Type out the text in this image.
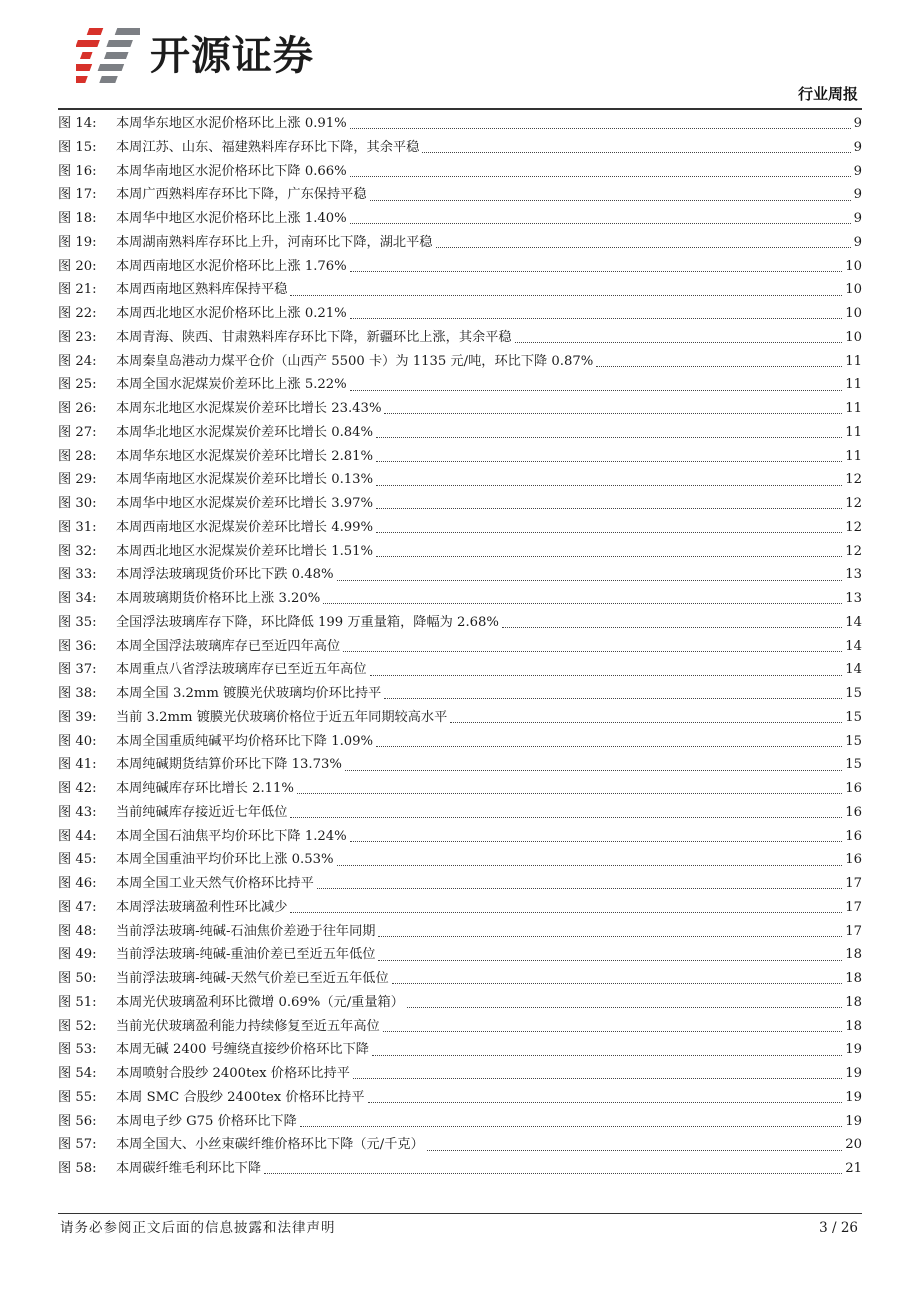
开源证券
行业周报
图 14:	本周华东地区水泥价格环比上涨 0.91%	9
图 15:	本周江苏、山东、福建熟料库存环比下降，其余平稳	9
图 16:	本周华南地区水泥价格环比下降 0.66%	9
图 17:	本周广西熟料库存环比下降，广东保持平稳	9
图 18:	本周华中地区水泥价格环比上涨 1.40%	9
图 19:	本周湖南熟料库存环比上升，河南环比下降，湖北平稳	9
图 20:	本周西南地区水泥价格环比上涨 1.76%	10
图 21:	本周西南地区熟料库保持平稳	10
图 22:	本周西北地区水泥价格环比上涨 0.21%	10
图 23:	本周青海、陕西、甘肃熟料库存环比下降，新疆环比上涨，其余平稳	10
图 24:	本周秦皇岛港动力煤平仓价（山西产 5500 卡）为 1135 元/吨，环比下降 0.87%	11
图 25:	本周全国水泥煤炭价差环比上涨 5.22%	11
图 26:	本周东北地区水泥煤炭价差环比增长 23.43%	11
图 27:	本周华北地区水泥煤炭价差环比增长 0.84%	11
图 28:	本周华东地区水泥煤炭价差环比增长 2.81%	11
图 29:	本周华南地区水泥煤炭价差环比增长 0.13%	12
图 30:	本周华中地区水泥煤炭价差环比增长 3.97%	12
图 31:	本周西南地区水泥煤炭价差环比增长 4.99%	12
图 32:	本周西北地区水泥煤炭价差环比增长 1.51%	12
图 33:	本周浮法玻璃现货价环比下跌 0.48%	13
图 34:	本周玻璃期货价格环比上涨 3.20%	13
图 35:	全国浮法玻璃库存下降，环比降低 199 万重量箱，降幅为 2.68%	14
图 36:	本周全国浮法玻璃库存已至近四年高位	14
图 37:	本周重点八省浮法玻璃库存已至近五年高位	14
图 38:	本周全国 3.2mm 镀膜光伏玻璃均价环比持平	15
图 39:	当前 3.2mm 镀膜光伏玻璃价格位于近五年同期较高水平	15
图 40:	本周全国重质纯碱平均价格环比下降 1.09%	15
图 41:	本周纯碱期货结算价环比下降 13.73%	15
图 42:	本周纯碱库存环比增长 2.11%	16
图 43:	当前纯碱库存接近近七年低位	16
图 44:	本周全国石油焦平均价环比下降 1.24%	16
图 45:	本周全国重油平均价环比上涨 0.53%	16
图 46:	本周全国工业天然气价格环比持平	17
图 47:	本周浮法玻璃盈利性环比减少	17
图 48:	当前浮法玻璃-纯碱-石油焦价差逊于往年同期	17
图 49:	当前浮法玻璃-纯碱-重油价差已至近五年低位	18
图 50:	当前浮法玻璃-纯碱-天然气价差已至近五年低位	18
图 51:	本周光伏玻璃盈利环比微增 0.69%（元/重量箱）	18
图 52:	当前光伏玻璃盈利能力持续修复至近五年高位	18
图 53:	本周无碱 2400 号缠绕直接纱价格环比下降	19
图 54:	本周喷射合股纱 2400tex 价格环比持平	19
图 55:	本周 SMC 合股纱 2400tex 价格环比持平	19
图 56:	本周电子纱 G75 价格环比下降	19
图 57:	本周全国大、小丝束碳纤维价格环比下降（元/千克）	20
图 58:	本周碳纤维毛利环比下降	21
请务必参阅正文后面的信息披露和法律声明	3 / 26
